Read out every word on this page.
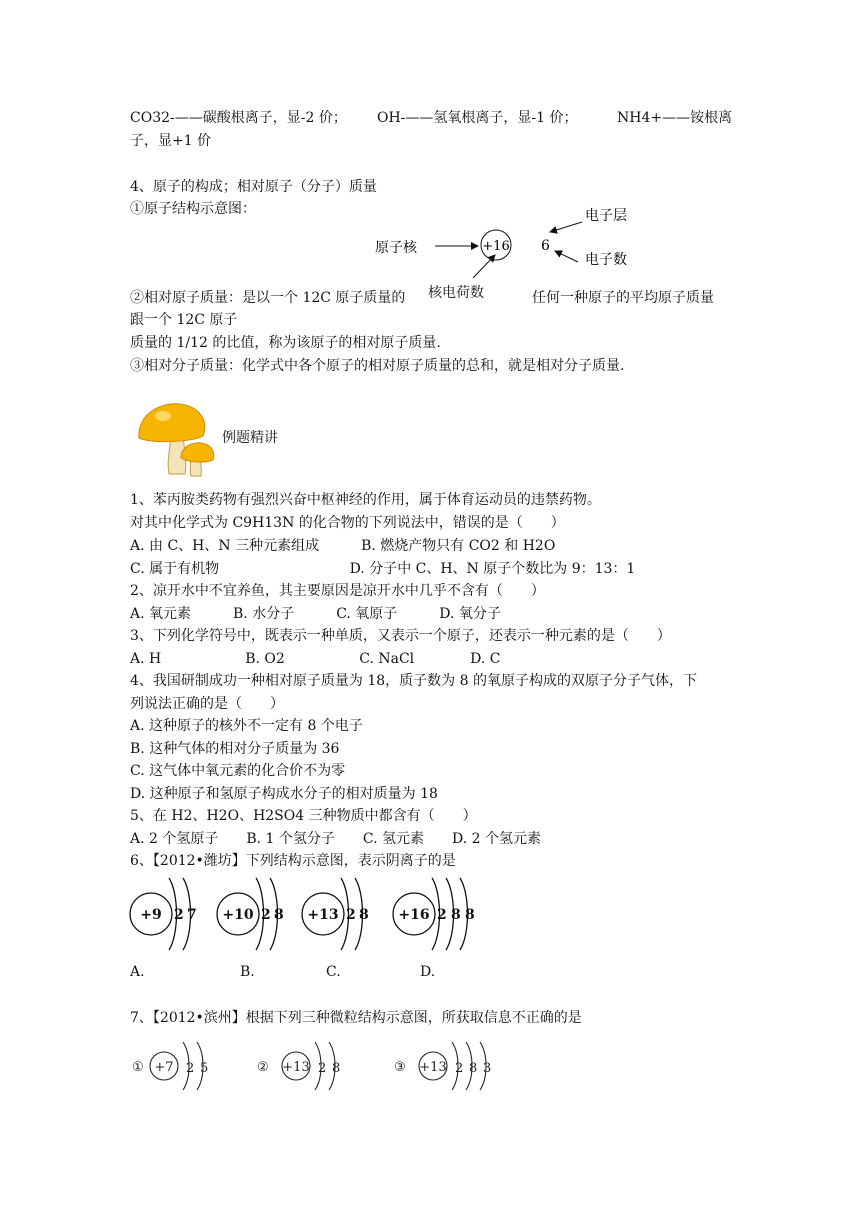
CO32-——碳酸根离子，显-2 价； OH-——氢氧根离子，显-1 价；	NH4+——铵根离
子，显+1 价
4、原子的构成；相对原子（分子）质量
①原子结构示意图：
原子核	+16 6
电子层
电子数
核电荷数
②相对原子质量：是以一个 12C 原子质量的	任何一种原子的平均原子质量
跟一个 12C 原子
质量的 1/12 的比值，称为该原子的相对原子质量.
③相对分子质量：化学式中各个原子的相对原子质量的总和，就是相对分子质量.
例题精讲
1、苯丙胺类药物有强烈兴奋中枢神经的作用，属于体育运动员的违禁药物。
对其中化学式为 C9H13N 的化合物的下列说法中，错误的是（　　）
A. 由 C、H、N 三种元素组成　　　B. 燃烧产物只有 CO2 和 H2O
C. 属于有机物　　　　　　　　　 D. 分子中 C、H、N 原子个数比为 9：13：1
2、凉开水中不宜养鱼，其主要原因是凉开水中几乎不含有（　　）
A. 氧元素　　　B. 水分子　　　C. 氧原子　　　D. 氧分子
3、下列化学符号中，既表示一种单质，又表示一个原子，还表示一种元素的是（　　）
A. H　　　　　　B. O2　　　　　 C. NaCl　　　　D. C
4、我国研制成功一种相对原子质量为 18，质子数为 8 的氧原子构成的双原子分子气体，下
列说法正确的是（　　）
A. 这种原子的核外不一定有 8 个电子
B. 这种气体的相对分子质量为 36
C. 这气体中氧元素的化合价不为零
D. 这种原子和氢原子构成水分子的相对质量为 18
5、在 H2、H2O、H2SO4 三种物质中都含有（　　）
A. 2 个氢原子　　B. 1 个氢分子　　C. 氢元素　　D. 2 个氢元素
6、【2012•潍坊】下列结构示意图，表示阴离子的是
+9 2 7 +10 2 8 +13 2 8 +16 2 8 8
A.	B.	C.	D.
7、【2012•滨州】根据下列三种微粒结构示意图，所获取信息不正确的是
① +7 2 5	② +13 2 8	③ +13 2 8 3
